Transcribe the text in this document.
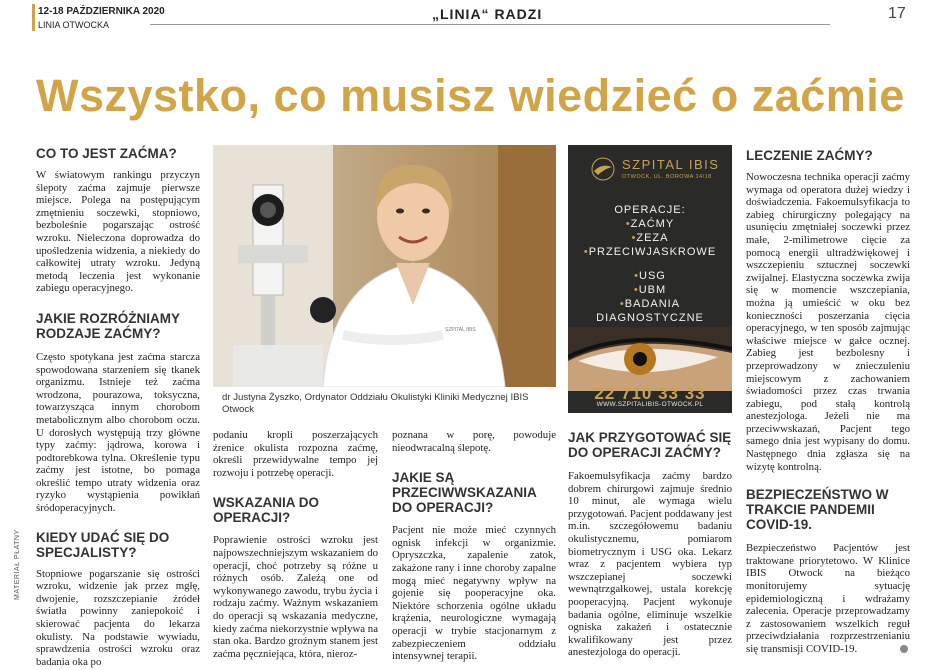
12-18 PAŹDZIERNIKA 2020
LINIA OTWOCKA
„LINIA“ RADZI	17
Wszystko, co musisz wiedzieć o zaćmie
CO TO JEST ZAĆMA?

W światowym rankingu przyczyn ślepoty zaćma zajmuje pierwsze miejsce. Polega na postępującym zmętnieniu soczewki, stopniowo, bezboleśnie pogarszając ostrość wzroku. Nieleczona doprowadza do upośledzenia widzenia, a niekiedy do całkowitej utraty wzroku. Jedyną metodą leczenia jest wykonanie zabiegu operacyjnego.

JAKIE ROZRÓŻNIAMY RODZAJE ZAĆMY?

Często spotykana jest zaćma starcza spowodowana starzeniem się tkanek organizmu. Istnieje też zaćma wrodzona, pourazowa, toksyczna, towarzysząca innym chorobom metabolicznym albo chorobom oczu. U dorosłych występują trzy główne typy zaćmy: jądrowa, korowa i podtorebkowa tylna. Określenie typu zaćmy jest istotne, bo pomaga określić tempo utraty widzenia oraz ryzyko wystąpienia powikłań śródoperacyjnych.

KIEDY UDAĆ SIĘ DO SPECJALISTY?

Stopniowe pogarszanie się ostrości wzroku, widzenie jak przez mgłę, dwojenie, rozszczepianie źródeł światła powinny zaniepokoić i skierować pacjenta do lekarza okulisty. Na podstawie wywiadu, sprawdzenia ostrości wzroku oraz badania oka po

MATERIAŁ PŁATNY
SZPITAL IBIS
dr Justyna Żyszko, Ordynator Oddziału Okulistyki Kliniki Medycznej IBIS Otwock

podaniu kropli poszerzających źrenice okulista rozpozna zaćmę, określi przewidywalne tempo jej rozwoju i potrzebę operacji.

WSKAZANIA DO OPERACJI?

Poprawienie ostrości wzroku jest najpowszechniejszym wskazaniem do operacji, choć potrzeby są różne u różnych osób. Zależą one od wykonywanego zawodu, trybu życia i rodzaju zaćmy. Ważnym wskazaniem do operacji są wskazania medyczne, kiedy zaćma niekorzystnie wpływa na stan oka. Bardzo groźnym stanem jest zaćma pęczniejąca, która, nieroz-

poznana w porę, powoduje nieodwracalną ślepotę.

JAKIE SĄ PRZECIWWSKAZANIA DO OPERACJI?

Pacjent nie może mieć czynnych ognisk infekcji w organizmie. Opryszczka, zapalenie zatok, zakażone rany i inne choroby zapalne mogą mieć negatywny wpływ na gojenie się pooperacyjne oka. Niektóre schorzenia ogólne układu krążenia, neurologiczne wymagają operacji w trybie stacjonarnym z zabezpieczeniem oddziału intensywnej terapii.

SZPITAL IBIS
OTWOCK, UL. BOROWA 14/18
OPERACJE:
•ZAĆMY
•ZEZA
•PRZECIWJASKROWE
•USG
•UBM
•BADANIA DIAGNOSTYCZNE
22 710 33 33
WWW.SZPITALIBIS-OTWOCK.PL
JAK PRZYGOTOWAĆ SIĘ DO OPERACJI ZAĆMY?

Fakoemulsyfikacja zaćmy bardzo dobrem chirurgowi zajmuje średnio 10 minut, ale wymaga wielu przygotowań. Pacjent poddawany jest m.in. szczegółowemu badaniu okulistycznemu, pomiarom biometrycznym i USG oka. Lekarz wraz z pacjentem wybiera typ wszczepianej soczewki wewnątrzgałkowej, ustala korekcję pooperacyjną. Pacjent wykonuje badania ogólne, eliminuje wszelkie ogniska zakażeń i ostatecznie kwalifikowany jest przez anestezjologa do operacji.

LECZENIE ZAĆMY?

Nowoczesna technika operacji zaćmy wymaga od operatora dużej wiedzy i doświadczenia. Fakoemulsyfikacja to zabieg chirurgiczny polegający na usunięciu zmętniałej soczewki przez małe, 2-milimetrowe cięcie za pomocą energii ultradźwiękowej i wszczepieniu sztucznej soczewki zwijalnej. Elastyczna soczewka zwija się w momencie wszczepiania, można ją umieścić w oku bez konieczności poszerzania cięcia operacyjnego, w ten sposób zajmując właściwe miejsce w gałce ocznej. Zabieg jest bezbolesny i przeprowadzony w znieczuleniu miejscowym z zachowaniem świadomości przez czas trwania zabiegu, pod stałą kontrolą anestezjologa. Jeżeli nie ma przeciwwskazań, Pacjent tego samego dnia jest wypisany do domu. Następnego dnia zgłasza się na wizytę kontrolną.

BEZPIECZEŃSTWO W TRAKCIE PANDEMII COVID-19.

Bezpieczeństwo Pacjentów jest traktowane priorytetowo. W Klinice IBIS Otwock na bieżąco monitorujemy sytuację epidemiologiczną i wdrażamy zalecenia. Operacje przeprowadzamy z zastosowaniem wszelkich reguł przeciwdziałania rozprzestrzenianiu się transmisji COVID-19.
